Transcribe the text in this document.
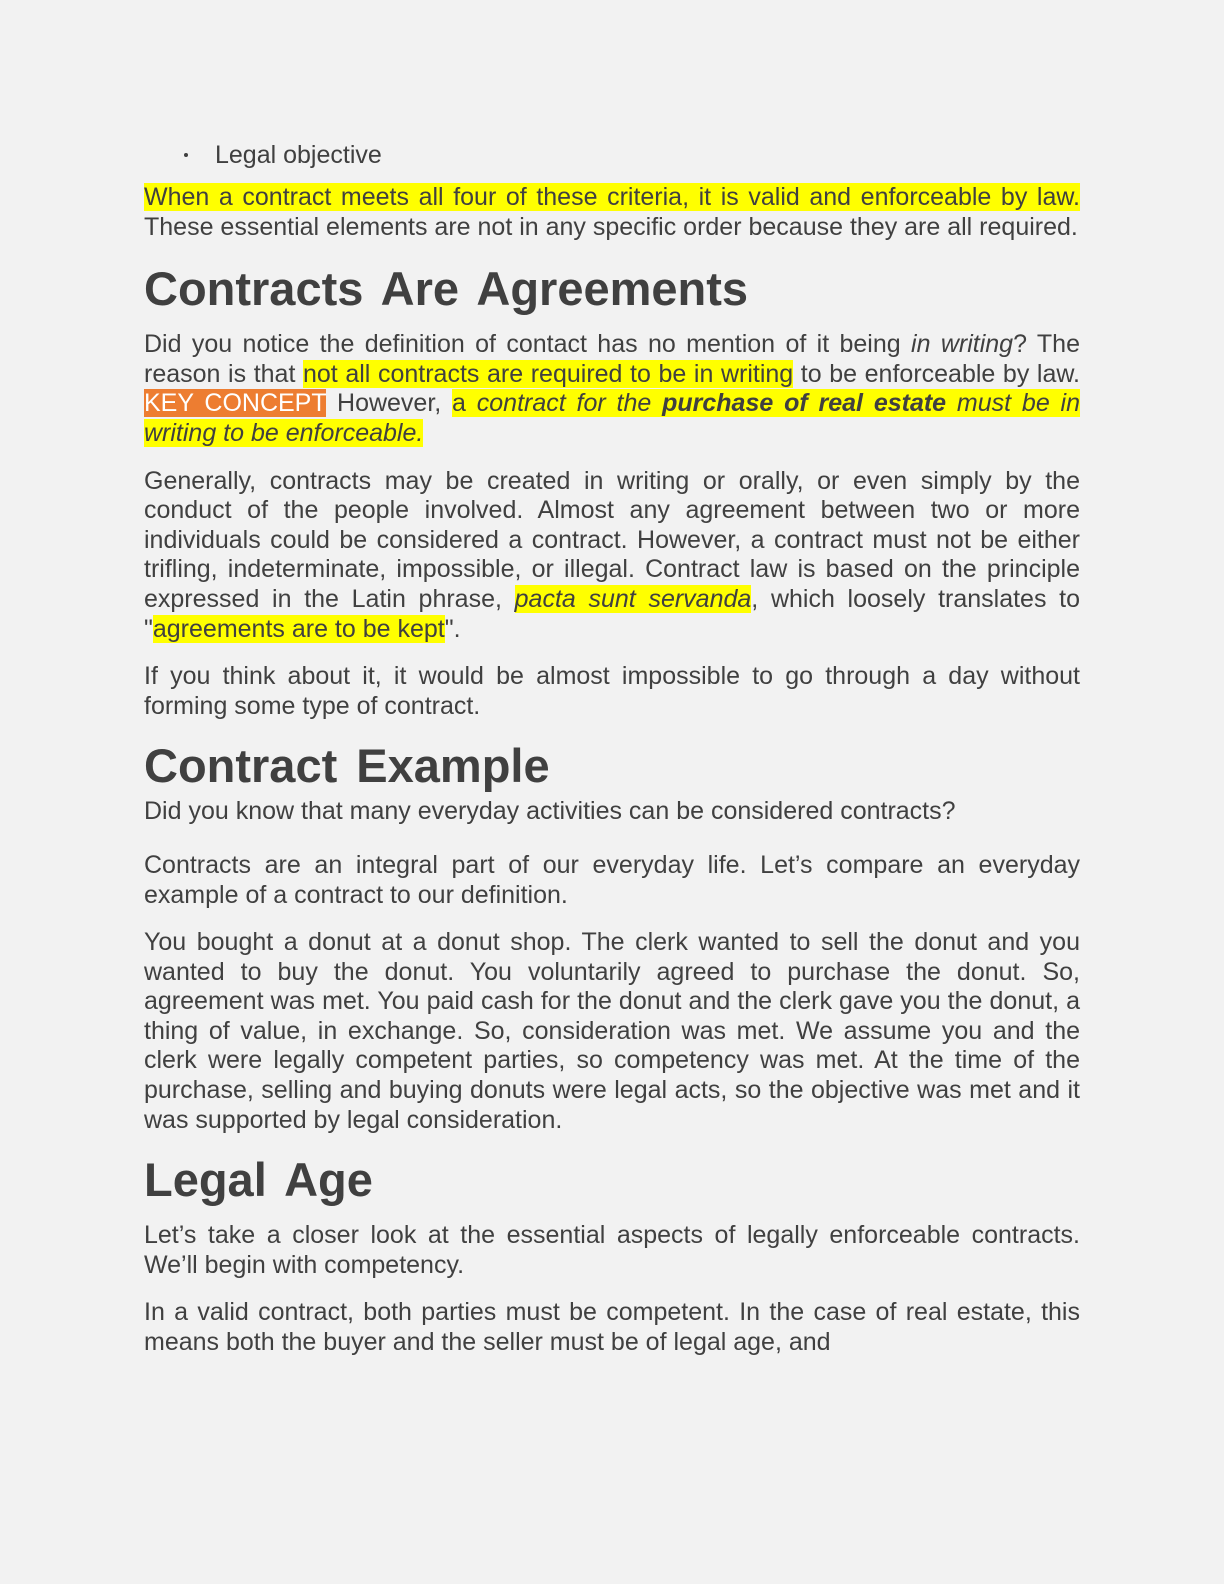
Legal objective

When a contract meets all four of these criteria, it is valid and enforceable by law. These essential elements are not in any specific order because they are all required.

Contracts Are Agreements

Did you notice the definition of contact has no mention of it being in writing? The reason is that not all contracts are required to be in writing to be enforceable by law. KEY CONCEPT However, a contract for the purchase of real estate must be in writing to be enforceable.

Generally, contracts may be created in writing or orally, or even simply by the conduct of the people involved. Almost any agreement between two or more individuals could be considered a contract. However, a contract must not be either trifling, indeterminate, impossible, or illegal. Contract law is based on the principle expressed in the Latin phrase, pacta sunt servanda, which loosely translates to "agreements are to be kept".

If you think about it, it would be almost impossible to go through a day without forming some type of contract.

Contract Example

Did you know that many everyday activities can be considered contracts?

Contracts are an integral part of our everyday life. Let’s compare an everyday example of a contract to our definition.

You bought a donut at a donut shop. The clerk wanted to sell the donut and you wanted to buy the donut. You voluntarily agreed to purchase the donut. So, agreement was met. You paid cash for the donut and the clerk gave you the donut, a thing of value, in exchange. So, consideration was met. We assume you and the clerk were legally competent parties, so competency was met. At the time of the purchase, selling and buying donuts were legal acts, so the objective was met and it was supported by legal consideration.

Legal Age

Let’s take a closer look at the essential aspects of legally enforceable contracts. We’ll begin with competency.

In a valid contract, both parties must be competent. In the case of real estate, this means both the buyer and the seller must be of legal age, and
